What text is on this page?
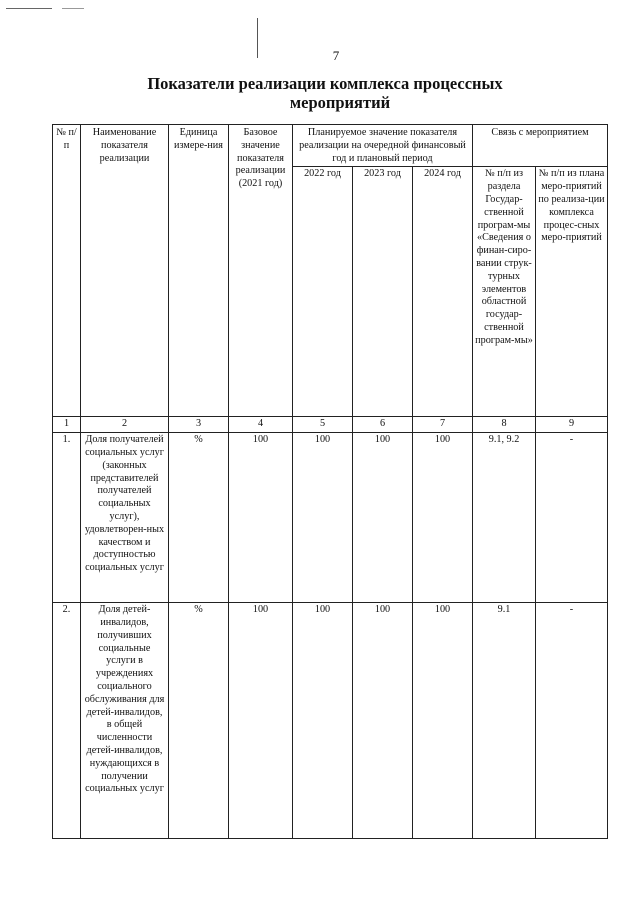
7
Показатели реализации комплекса процессных
мероприятий
№ п/п	Наименование показателя реализации	Единица измере-ния	Базовое значение показателя реализации (2021 год)	Планируемое значение показателя реализации на очередной финансовый год и плановый период			Связь с мероприятием	
				2022 год	2023 год	2024 год	№ п/п из раздела Государ-ственной програм-мы «Сведения о финан-сиро-вании струк-турных элементов областной государ-ственной програм-мы»	№ п/п из плана меро-приятий по реализа-ции комплекса процес-сных меро-приятий
1	2	3	4	5	6	7	8	9
1.	Доля получателей социальных услуг (законных представителей получателей социальных услуг), удовлетворен-ных качеством и доступностью социальных услуг	%	100	100	100	100	9.1, 9.2	-
2.	Доля детей-инвалидов, получивших социальные услуги в учреждениях социального обслуживания для детей-инвалидов, в общей численности детей-инвалидов, нуждающихся в получении социальных услуг	%	100	100	100	100	9.1	-
